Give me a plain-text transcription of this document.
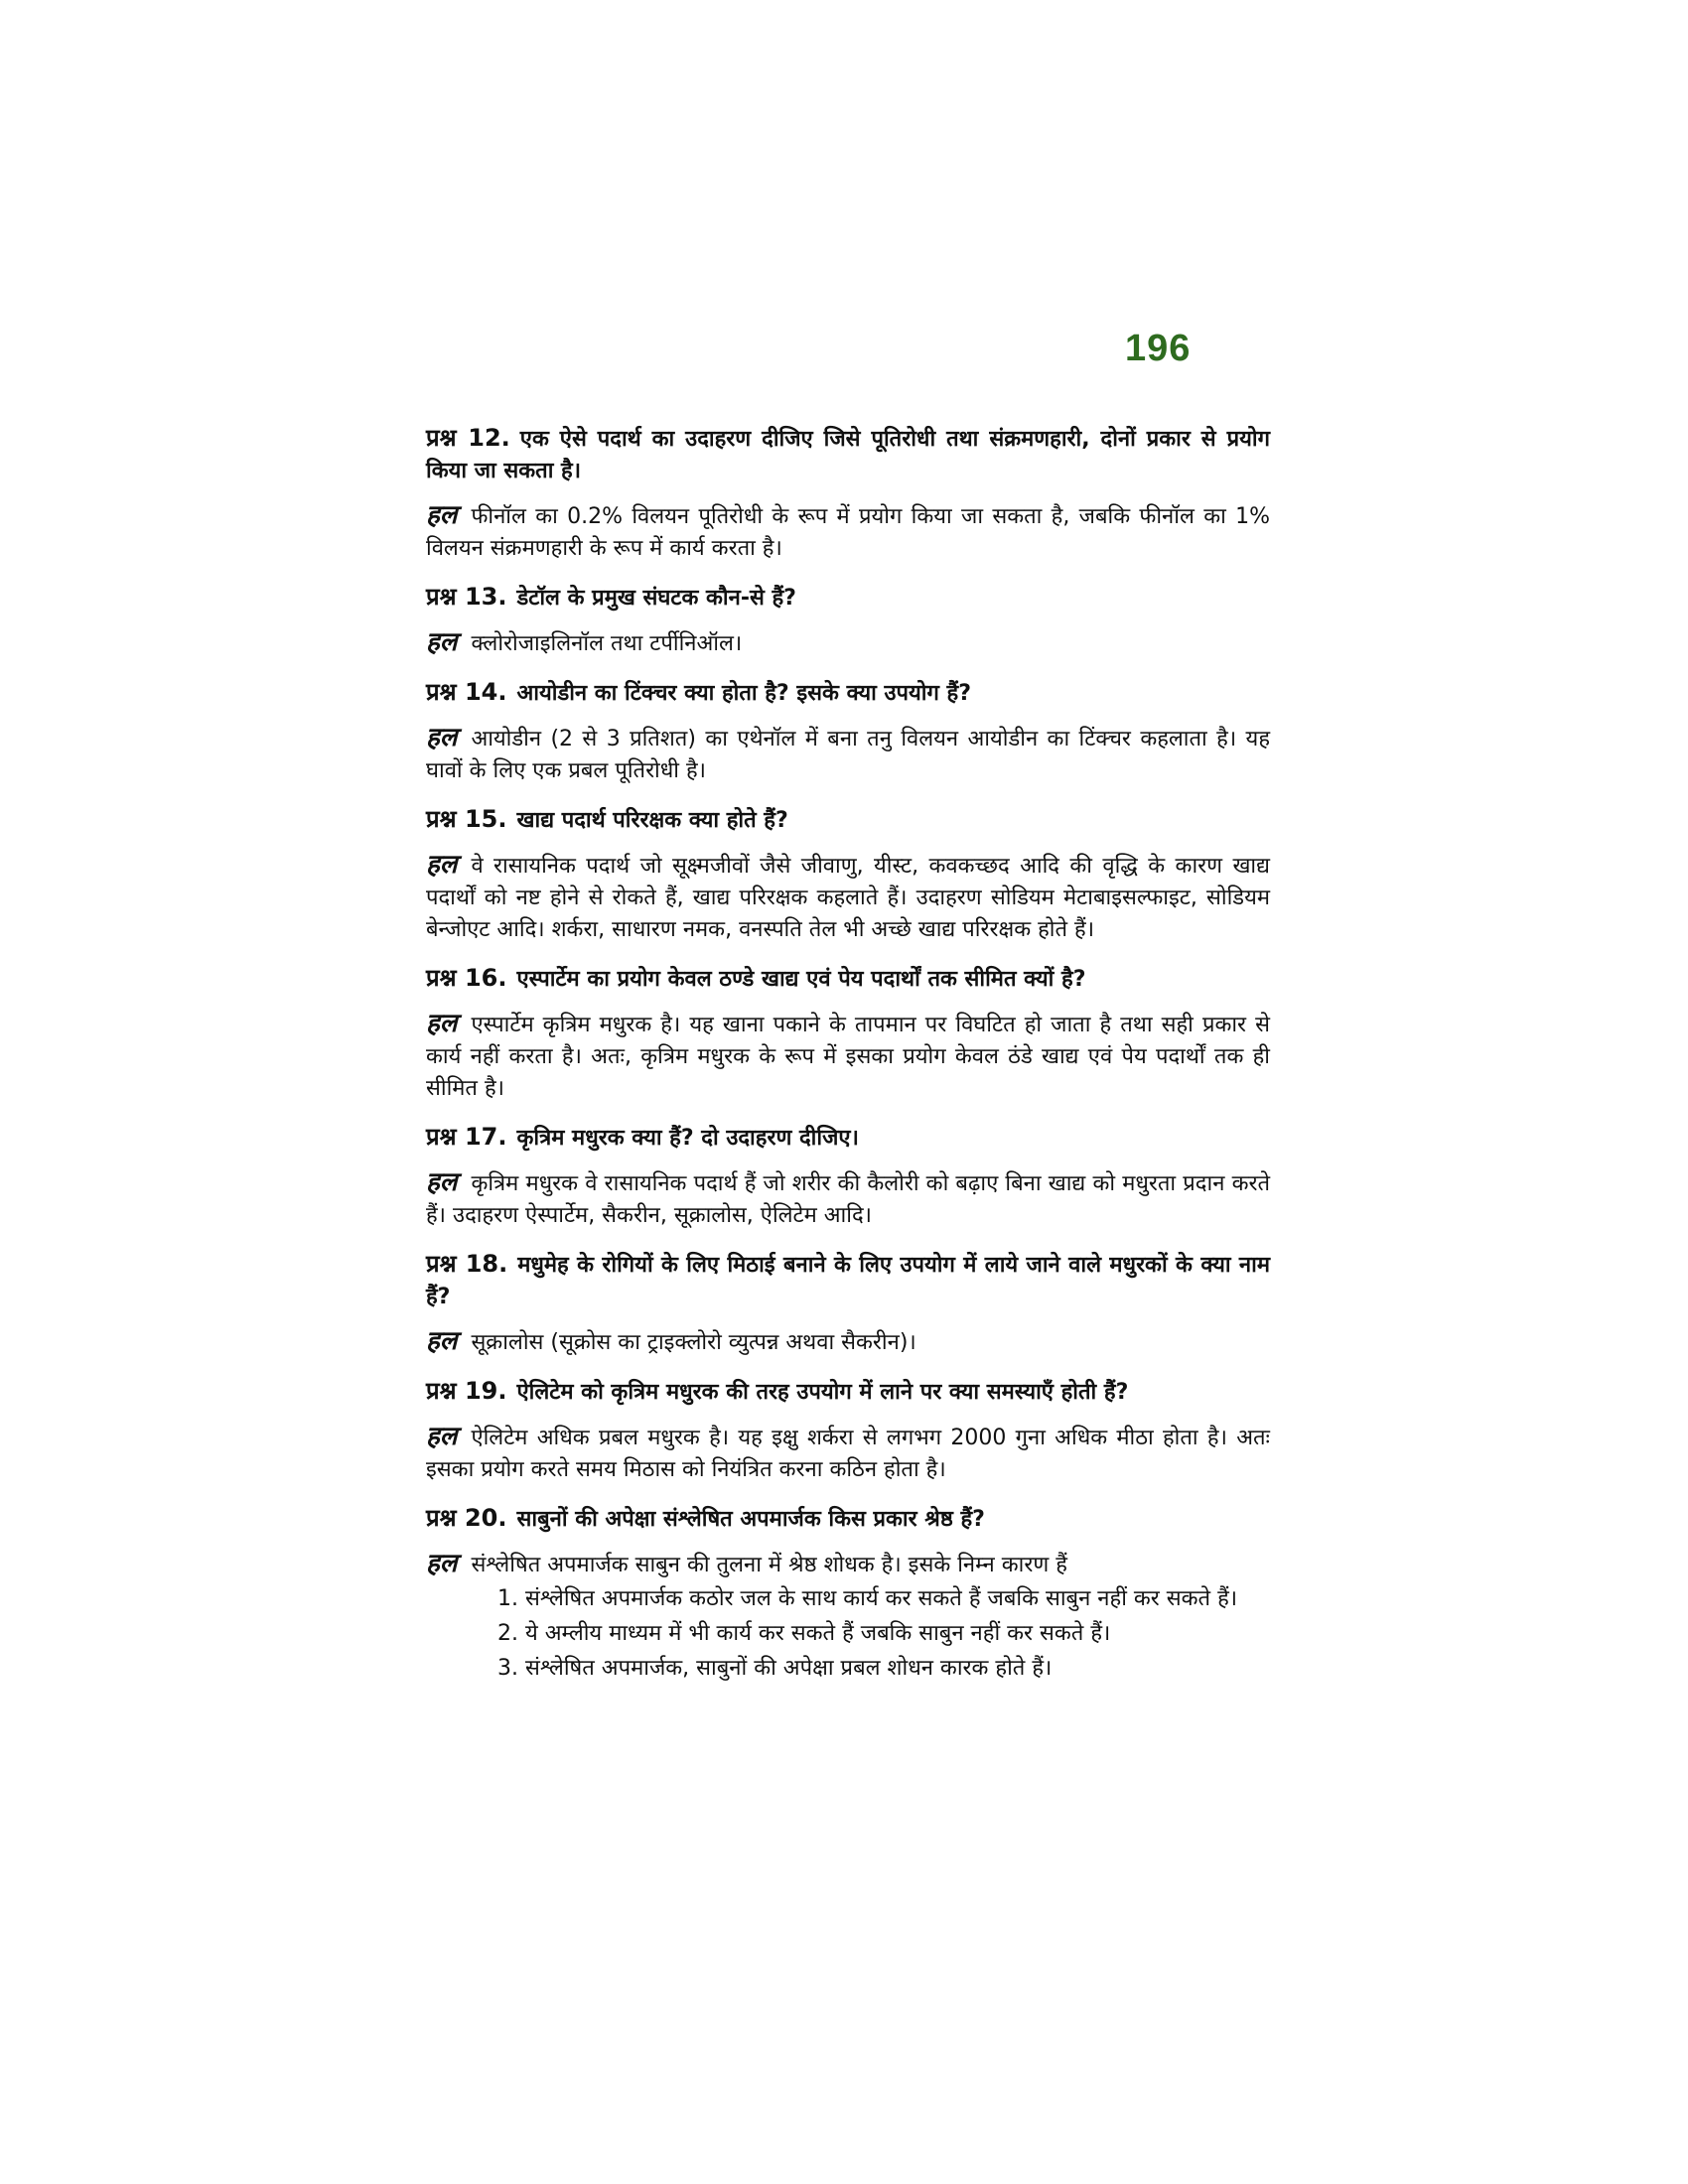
196

प्रश्न 12. एक ऐसे पदार्थ का उदाहरण दीजिए जिसे पूतिरोधी तथा संक्रमणहारी, दोनों प्रकार से प्रयोग किया जा सकता है।

हल फीनॉल का 0.2% विलयन पूतिरोधी के रूप में प्रयोग किया जा सकता है, जबकि फीनॉल का 1% विलयन संक्रमणहारी के रूप में कार्य करता है।

प्रश्न 13. डेटॉल के प्रमुख संघटक कौन-से हैं?

हल क्लोरोजाइलिनॉल तथा टर्पीनिऑल।

प्रश्न 14. आयोडीन का टिंक्चर क्या होता है? इसके क्या उपयोग हैं?

हल आयोडीन (2 से 3 प्रतिशत) का एथेनॉल में बना तनु विलयन आयोडीन का टिंक्चर कहलाता है। यह घावों के लिए एक प्रबल पूतिरोधी है।

प्रश्न 15. खाद्य पदार्थ परिरक्षक क्या होते हैं?

हल वे रासायनिक पदार्थ जो सूक्ष्मजीवों जैसे जीवाणु, यीस्ट, कवकच्छद आदि की वृद्धि के कारण खाद्य पदार्थों को नष्ट होने से रोकते हैं, खाद्य परिरक्षक कहलाते हैं। उदाहरण सोडियम मेटाबाइसल्फाइट, सोडियम बेन्जोएट आदि। शर्करा, साधारण नमक, वनस्पति तेल भी अच्छे खाद्य परिरक्षक होते हैं।

प्रश्न 16. एस्पार्टेम का प्रयोग केवल ठण्डे खाद्य एवं पेय पदार्थों तक सीमित क्यों है?

हल एस्पार्टेम कृत्रिम मधुरक है। यह खाना पकाने के तापमान पर विघटित हो जाता है तथा सही प्रकार से कार्य नहीं करता है। अतः, कृत्रिम मधुरक के रूप में इसका प्रयोग केवल ठंडे खाद्य एवं पेय पदार्थों तक ही सीमित है।

प्रश्न 17. कृत्रिम मधुरक क्या हैं? दो उदाहरण दीजिए।

हल कृत्रिम मधुरक वे रासायनिक पदार्थ हैं जो शरीर की कैलोरी को बढ़ाए बिना खाद्य को मधुरता प्रदान करते हैं। उदाहरण ऐस्पार्टेम, सैकरीन, सूक्रालोस, ऐलिटेम आदि।

प्रश्न 18. मधुमेह के रोगियों के लिए मिठाई बनाने के लिए उपयोग में लाये जाने वाले मधुरकों के क्या नाम हैं?

हल सूक्रालोस (सूक्रोस का ट्राइक्लोरो व्युत्पन्न अथवा सैकरीन)।

प्रश्न 19. ऐलिटेम को कृत्रिम मधुरक की तरह उपयोग में लाने पर क्या समस्याएँ होती हैं?

हल ऐलिटेम अधिक प्रबल मधुरक है। यह इक्षु शर्करा से लगभग 2000 गुना अधिक मीठा होता है। अतः इसका प्रयोग करते समय मिठास को नियंत्रित करना कठिन होता है।

प्रश्न 20. साबुनों की अपेक्षा संश्लेषित अपमार्जक किस प्रकार श्रेष्ठ हैं?

हल संश्लेषित अपमार्जक साबुन की तुलना में श्रेष्ठ शोधक है। इसके निम्न कारण हैं

1. संश्लेषित अपमार्जक कठोर जल के साथ कार्य कर सकते हैं जबकि साबुन नहीं कर सकते हैं।
2. ये अम्लीय माध्यम में भी कार्य कर सकते हैं जबकि साबुन नहीं कर सकते हैं।
3. संश्लेषित अपमार्जक, साबुनों की अपेक्षा प्रबल शोधन कारक होते हैं।
